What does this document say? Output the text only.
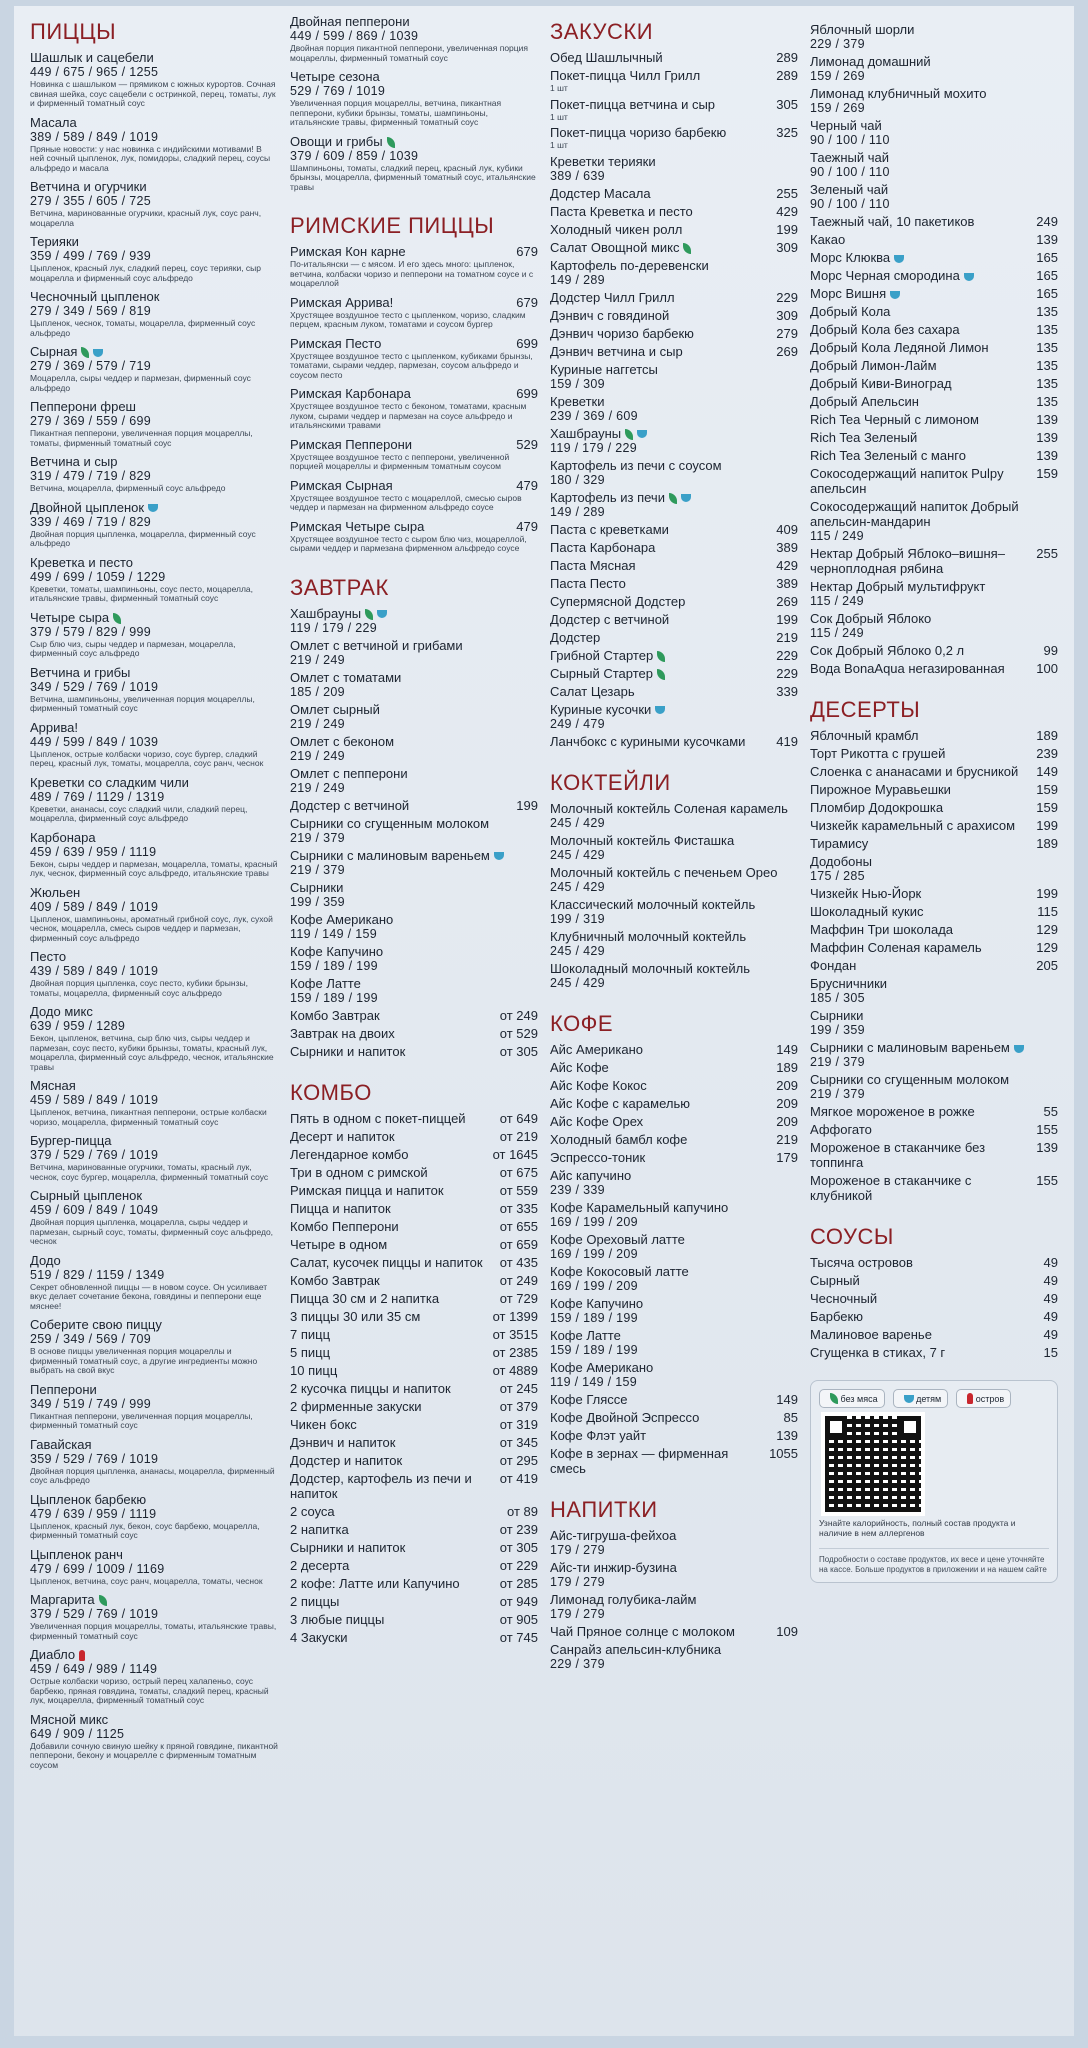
ПИЦЦЫ
Шашлык и сацебели
449 / 675 / 965 / 1255
Новинка с шашлыком — прямиком с южных курортов. Сочная свиная шейка, соус сацебели с остринкой, перец, томаты, лук и фирменный томатный соус
Масала
389 / 589 / 849 / 1019
Пряные новости: у нас новинка с индийскими мотивами! В ней сочный цыпленок, лук, помидоры, сладкий перец, соусы альфредо и масала
Ветчина и огурчики
279 / 355 / 605 / 725
Ветчина, маринованные огурчики, красный лук, соус ранч, моцарелла
Терияки
359 / 499 / 769 / 939
Цыпленок, красный лук, сладкий перец, соус терияки, сыр моцарелла и фирменный соус альфредо
Чесночный цыпленок
279 / 349 / 569 / 819
Цыпленок, чеснок, томаты, моцарелла, фирменный соус альфредо
Сырная
279 / 369 / 579 / 719
Моцарелла, сыры чеддер и пармезан, фирменный соус альфредо
Пепперони фреш
279 / 369 / 559 / 699
Пикантная пепперони, увеличенная порция моцареллы, томаты, фирменный томатный соус
Ветчина и сыр
319 / 479 / 719 / 829
Ветчина, моцарелла, фирменный соус альфредо
Двойной цыпленок
339 / 469 / 719 / 829
Двойная порция цыпленка, моцарелла, фирменный соус альфредо
Креветка и песто
499 / 699 / 1059 / 1229
Креветки, томаты, шампиньоны, соус песто, моцарелла, итальянские травы, фирменный томатный соус
Четыре сыра
379 / 579 / 829 / 999
Сыр блю чиз, сыры чеддер и пармезан, моцарелла, фирменный соус альфредо
Ветчина и грибы
349 / 529 / 769 / 1019
Ветчина, шампиньоны, увеличенная порция моцареллы, фирменный томатный соус
Аррива!
449 / 599 / 849 / 1039
Цыпленок, острые колбаски чоризо, соус бургер, сладкий перец, красный лук, томаты, моцарелла, соус ранч, чеснок
Креветки со сладким чили
489 / 769 / 1129 / 1319
Креветки, ананасы, соус сладкий чили, сладкий перец, моцарелла, фирменный соус альфредо
Карбонара
459 / 639 / 959 / 1119
Бекон, сыры чеддер и пармезан, моцарелла, томаты, красный лук, чеснок, фирменный соус альфредо, итальянские травы
Жюльен
409 / 589 / 849 / 1019
Цыпленок, шампиньоны, ароматный грибной соус, лук, сухой чеснок, моцарелла, смесь сыров чеддер и пармезан, фирменный соус альфредо
Песто
439 / 589 / 849 / 1019
Двойная порция цыпленка, соус песто, кубики брынзы, томаты, моцарелла, фирменный соус альфредо
Додо микс
639 / 959 / 1289
Бекон, цыпленок, ветчина, сыр блю чиз, сыры чеддер и пармезан, соус песто, кубики брынзы, томаты, красный лук, моцарелла, фирменный соус альфредо, чеснок, итальянские травы
Мясная
459 / 589 / 849 / 1019
Цыпленок, ветчина, пикантная пепперони, острые колбаски чоризо, моцарелла, фирменный томатный соус
Бургер-пицца
379 / 529 / 769 / 1019
Ветчина, маринованные огурчики, томаты, красный лук, чеснок, соус бургер, моцарелла, фирменный томатный соус
Сырный цыпленок
459 / 609 / 849 / 1049
Двойная порция цыпленка, моцарелла, сыры чеддер и пармезан, сырный соус, томаты, фирменный соус альфредо, чеснок
Додо
519 / 829 / 1159 / 1349
Секрет обновленной пиццы — в новом соусе. Он усиливает вкус делает сочетание бекона, говядины и пепперони еще мяснее!
Соберите свою пиццу
259 / 349 / 569 / 709
В основе пиццы увеличенная порция моцареллы и фирменный томатный соус, а другие ингредиенты можно выбрать на свой вкус
Пепперони
349 / 519 / 749 / 999
Пикантная пепперони, увеличенная порция моцареллы, фирменный томатный соус
Гавайская
359 / 529 / 769 / 1019
Двойная порция цыпленка, ананасы, моцарелла, фирменный соус альфредо
Цыпленок барбекю
479 / 639 / 959 / 1119
Цыпленок, красный лук, бекон, соус барбекю, моцарелла, фирменный томатный соус
Цыпленок ранч
479 / 699 / 1009 / 1169
Цыпленок, ветчина, соус ранч, моцарелла, томаты, чеснок
Маргарита
379 / 529 / 769 / 1019
Увеличенная порция моцареллы, томаты, итальянские травы, фирменный томатный соус
Диабло
459 / 649 / 989 / 1149
Острые колбаски чоризо, острый перец халапеньо, соус барбекю, пряная говядина, томаты, сладкий перец, красный лук, моцарелла, фирменный томатный соус
Мясной микс
649 / 909 / 1125
Добавили сочную свиную шейку к пряной говядине, пикантной пепперони, бекону и моцарелле с фирменным томатным соусом
Двойная пепперони
449 / 599 / 869 / 1039
Двойная порция пикантной пепперони, увеличенная порция моцареллы, фирменный томатный соус
Четыре сезона
529 / 769 / 1019
Увеличенная порция моцареллы, ветчина, пикантная пепперони, кубики брынзы, томаты, шампиньоны, итальянские травы, фирменный томатный соус
Овощи и грибы
379 / 609 / 859 / 1039
Шампиньоны, томаты, сладкий перец, красный лук, кубики брынзы, моцарелла, фирменный томатный соус, итальянские травы
РИМСКИЕ ПИЦЦЫ
Римская Кон карне	679
По-итальянски — с мясом. И его здесь много: цыпленок, ветчина, колбаски чоризо и пепперони на томатном соусе и с моцареллой
Римская Аррива!	679
Хрустящее воздушное тесто с цыпленком, чоризо, сладким перцем, красным луком, томатами и соусом бургер
Римская Песто	699
Хрустящее воздушное тесто с цыпленком, кубиками брынзы, томатами, сырами чеддер, пармезан, соусом альфредо и соусом песто
Римская Карбонара	699
Хрустящее воздушное тесто с беконом, томатами, красным луком, сырами чеддер и пармезан на соусе альфредо и итальянскими травами
Римская Пепперони	529
Хрустящее воздушное тесто с пепперони, увеличенной порцией моцареллы и фирменным томатным соусом
Римская Сырная	479
Хрустящее воздушное тесто с моцареллой, смесью сыров чеддер и пармезан на фирменном альфредо соусе
Римская Четыре сыра	479
Хрустящее воздушное тесто с сыром блю чиз, моцареллой, сырами чеддер и пармезана фирменном альфредо соусе
ЗАВТРАК
Хашбрауны
119 / 179 / 229
Омлет с ветчиной и грибами
219 / 249
Омлет с томатами
185 / 209
Омлет сырный
219 / 249
Омлет с беконом
219 / 249
Омлет с пепперони
219 / 249
Додстер с ветчиной	199
Сырники со сгущенным молоком
219 / 379
Сырники с малиновым вареньем
219 / 379
Сырники
199 / 359
Кофе Американо
119 / 149 / 159
Кофе Капучино
159 / 189 / 199
Кофе Латте
159 / 189 / 199
Комбо Завтрак	от 249
Завтрак на двоих	от 529
Сырники и напиток	от 305
КОМБО
Пять в одном с покет-пиццей	от 649
Десерт и напиток	от 219
Легендарное комбо	от 1645
Три в одном с римской	от 675
Римская пицца и напиток	от 559
Пицца и напиток	от 335
Комбо Пепперони	от 655
Четыре в одном	от 659
Салат, кусочек пиццы и напиток	от 435
Комбо Завтрак	от 249
Пицца 30 см и 2 напитка	от 729
3 пиццы 30 или 35 см	от 1399
7 пицц	от 3515
5 пицц	от 2385
10 пицц	от 4889
2 кусочка пиццы и напиток	от 245
2 фирменные закуски	от 379
Чикен бокс	от 319
Дэнвич и напиток	от 345
Додстер и напиток	от 295
Додстер, картофель из печи и напиток
от 419
2 соуса	от 89
2 напитка	от 239
Сырники и напиток	от 305
2 десерта	от 229
2 кофе: Латте или Капучино	от 285
2 пиццы	от 949
3 любые пиццы	от 905
4 Закуски	от 745
ЗАКУСКИ
Обед Шашлычный	289
Покет-пицца Чилл Грилл	289
1 шт
Покет-пицца ветчина и сыр	305
1 шт
Покет-пицца чоризо барбекю	325
1 шт
Креветки терияки
389 / 639
Додстер Масала	255
Паста Креветка и песто	429
Холодный чикен ролл	199
Салат Овощной микс	309
Картофель по-деревенски
149 / 289
Додстер Чилл Грилл	229
Дэнвич с говядиной	309
Дэнвич чоризо барбекю	279
Дэнвич ветчина и сыр	269
Куриные наггетсы
159 / 309
Креветки
239 / 369 / 609
Хашбрауны
119 / 179 / 229
Картофель из печи с соусом
180 / 329
Картофель из печи
149 / 289
Паста с креветками	409
Паста Карбонара	389
Паста Мясная	429
Паста Песто	389
Супермясной Додстер	269
Додстер с ветчиной	199
Додстер	219
Грибной Стартер	229
Сырный Стартер	229
Салат Цезарь	339
Куриные кусочки
249 / 479
Ланчбокс с куриными кусочками	419
КОКТЕЙЛИ
Молочный коктейль Соленая карамель
245 / 429
Молочный коктейль Фисташка
245 / 429
Молочный коктейль с печеньем Орео
245 / 429
Классический молочный коктейль
199 / 319
Клубничный молочный коктейль
245 / 429
Шоколадный молочный коктейль
245 / 429
КОФЕ
Айс Американо	149
Айс Кофе	189
Айс Кофе Кокос	209
Айс Кофе с карамелью	209
Айс Кофе Орех	209
Холодный бамбл кофе	219
Эспрессо-тоник	179
Айс капучино
239 / 339
Кофе Карамельный капучино
169 / 199 / 209
Кофе Ореховый латте
169 / 199 / 209
Кофе Кокосовый латте
169 / 199 / 209
Кофе Капучино
159 / 189 / 199
Кофе Латте
159 / 189 / 199
Кофе Американо
119 / 149 / 159
Кофе Гляссе	149
Кофе Двойной Эспрессо	85
Кофе Флэт уайт	139
Кофе в зернах — фирменная смесь
1055
НАПИТКИ
Айс-тигруша-фейхоа
179 / 279
Айс-ти инжир-бузина
179 / 279
Лимонад голубика-лайм
179 / 279
Чай Пряное солнце с молоком	109
Санрайз апельсин-клубника
229 / 379
Яблочный шорли
229 / 379
Лимонад домашний
159 / 269
Лимонад клубничный мохито
159 / 269
Черный чай
90 / 100 / 110
Таежный чай
90 / 100 / 110
Зеленый чай
90 / 100 / 110
Таежный чай, 10 пакетиков	249
Какао	139
Морс Клюква	165
Морс Черная смородина	165
Морс Вишня	165
Добрый Кола	135
Добрый Кола без сахара	135
Добрый Кола Ледяной Лимон	135
Добрый Лимон-Лайм	135
Добрый Киви-Виноград	135
Добрый Апельсин	135
Rich Tea Черный с лимоном	139
Rich Tea Зеленый	139
Rich Tea Зеленый с манго	139
Сокосодержащий напиток Pulpy апельсин
159
Сокосодержащий напиток Добрый апельсин-мандарин
115 / 249
Нектар Добрый Яблоко–вишня–черноплодная рябина
255
Нектар Добрый мультифрукт
115 / 249
Сок Добрый Яблоко
115 / 249
Сок Добрый Яблоко 0,2 л	99
Вода BonaAqua негазированная	100
ДЕСЕРТЫ
Яблочный крамбл	189
Торт Рикотта с грушей	239
Слоенка с ананасами и брусникой	149
Пирожное Муравьешки	159
Пломбир Додокрошка	159
Чизкейк карамельный с арахисом	199
Тирамису	189
Додобоны
175 / 285
Чизкейк Нью-Йорк	199
Шоколадный кукис	115
Маффин Три шоколада	129
Маффин Соленая карамель	129
Фондан	205
Брусничники
185 / 305
Сырники
199 / 359
Сырники с малиновым вареньем
219 / 379
Сырники со сгущенным молоком
219 / 379
Мягкое мороженое в рожке	55
Аффогато	155
Мороженое в стаканчике без топпинга
139
Мороженое в стаканчике с клубникой
155
СОУСЫ
Тысяча островов	49
Сырный	49
Чесночный	49
Барбекю	49
Малиновое варенье	49
Сгущенка в стиках, 7 г	15

без мяса
	детям
	остров
Узнайте калорийность, полный состав продукта и наличие в нем аллергенов
Подробности о составе продуктов, их весе и цене уточняйте на кассе. Больше продуктов в приложении и на нашем сайте
